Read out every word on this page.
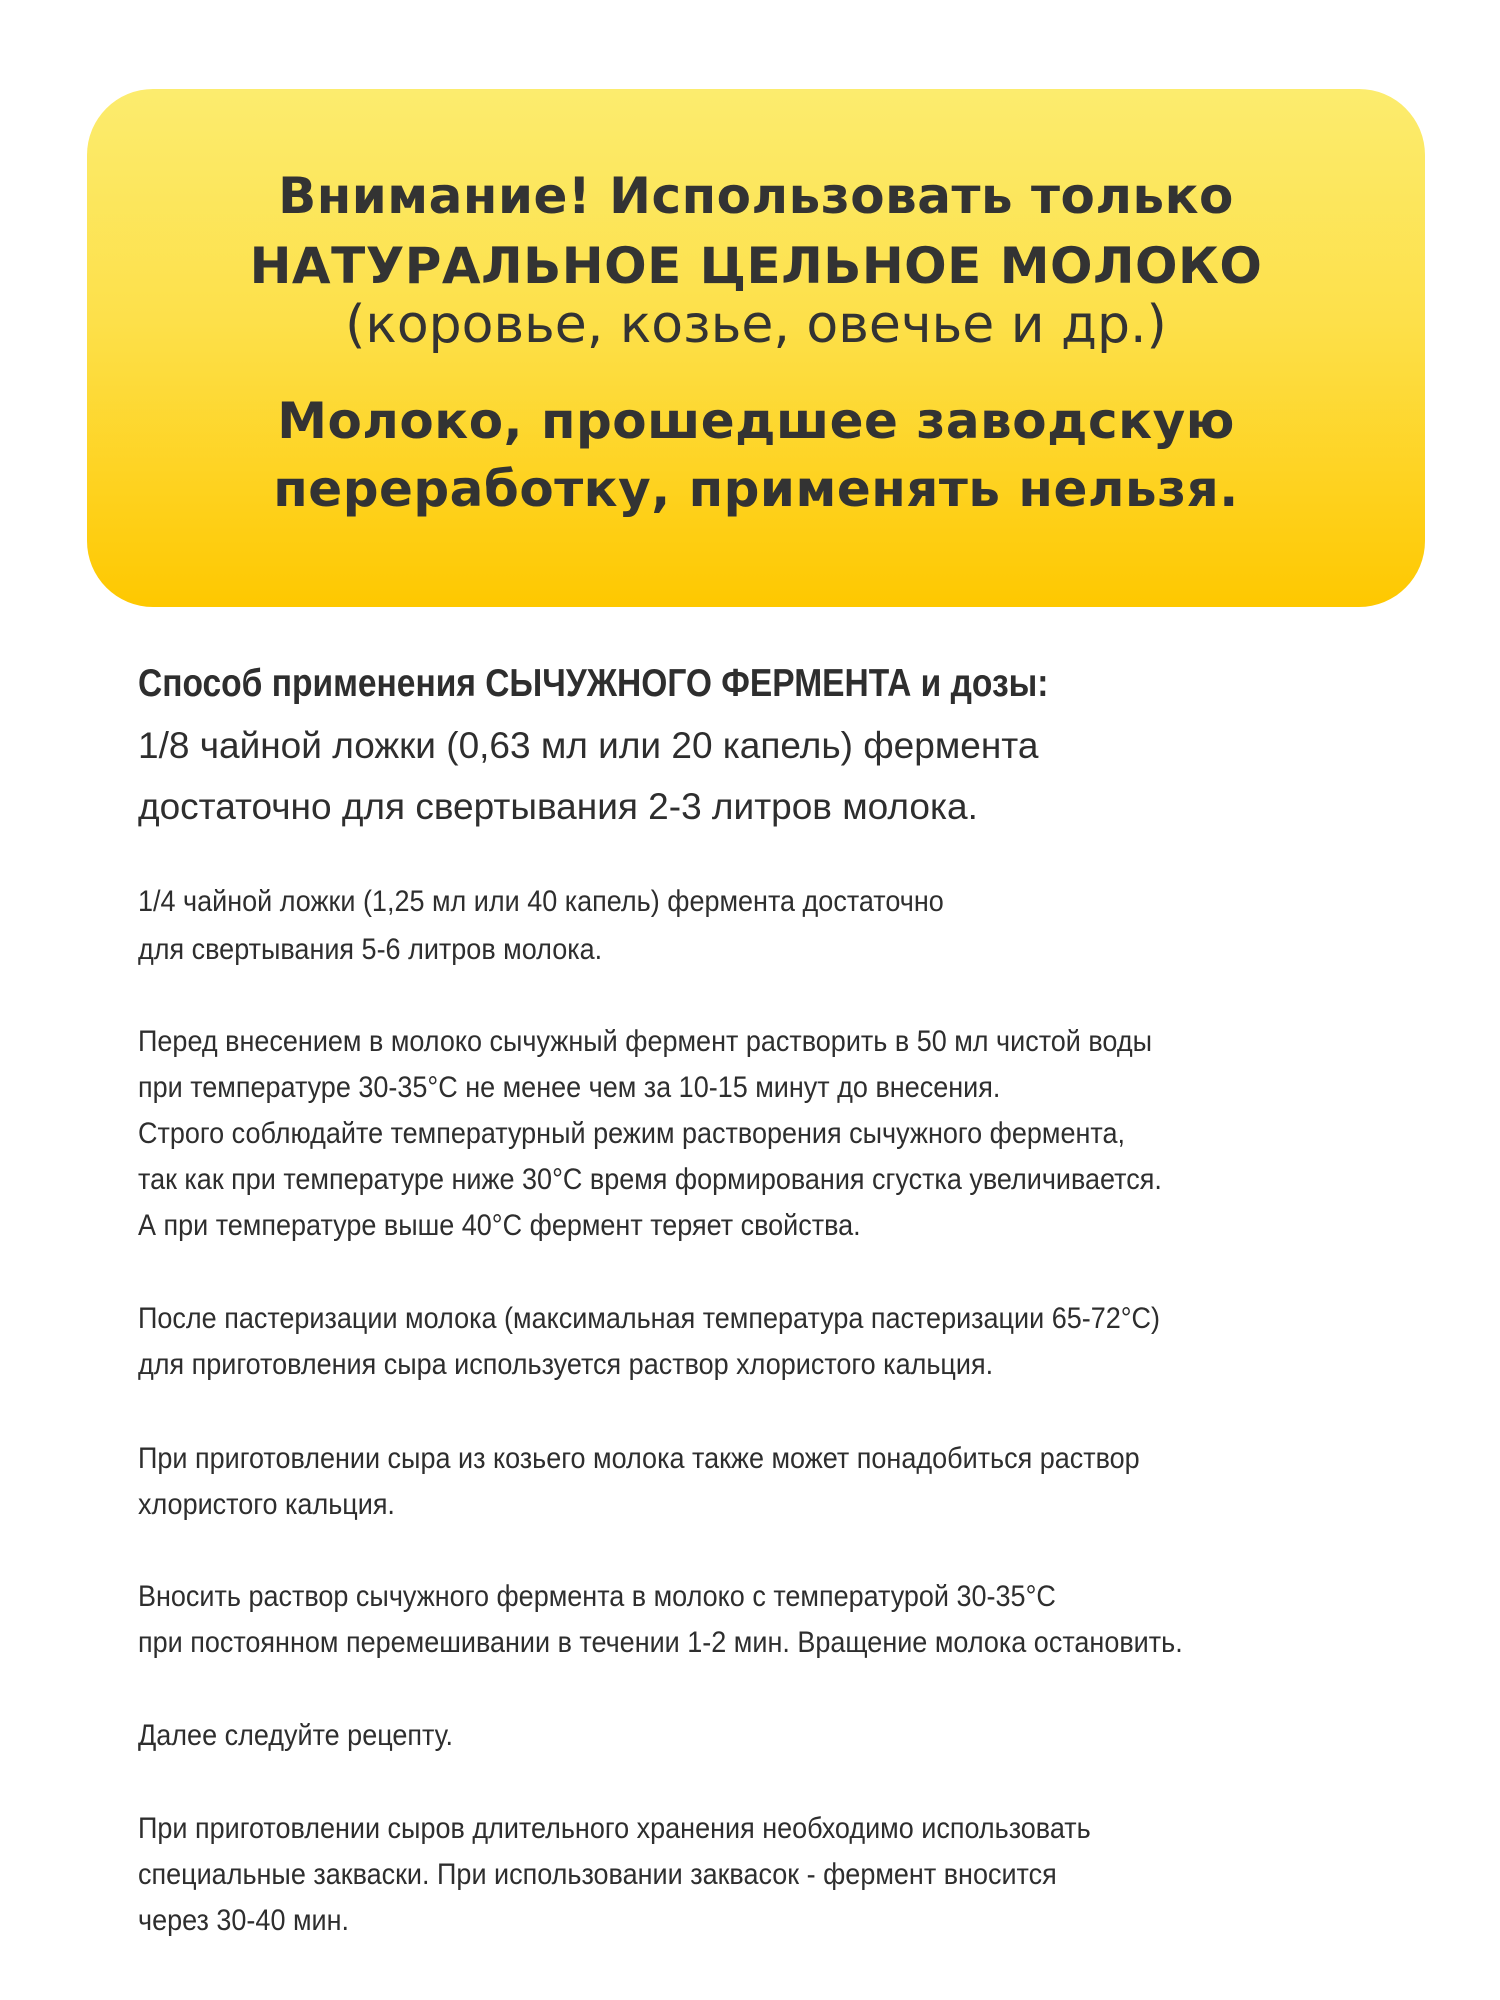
Внимание! Использовать только
НАТУРАЛЬНОЕ ЦЕЛЬНОЕ МОЛОКО
(коровье, козье, овечье и др.)
Молоко, прошедшее заводскую
переработку, применять нельзя.
Способ применения СЫЧУЖНОГО ФЕРМЕНТА и дозы:
1/8 чайной ложки (0,63 мл или 20 капель) фермента
достаточно для свертывания 2-3 литров молока.
1/4 чайной ложки (1,25 мл или 40 капель) фермента достаточно
для свертывания 5-6 литров молока.
Перед внесением в молоко сычужный фермент растворить в 50 мл чистой воды
при температуре 30-35°С не менее чем за 10-15 минут до внесения.
Строго соблюдайте температурный режим растворения сычужного фермента,
так как при температуре ниже 30°С время формирования сгустка увеличивается.
А при температуре выше 40°С фермент теряет свойства.
После пастеризации молока (максимальная температура пастеризации 65-72°С)
для приготовления сыра используется раствор хлористого кальция.
При приготовлении сыра из козьего молока также может понадобиться раствор
хлористого кальция.
Вносить раствор сычужного фермента в молоко с температурой 30-35°С
при постоянном перемешивании в течении 1-2 мин. Вращение молока остановить.
Далее следуйте рецепту.
При приготовлении сыров длительного хранения необходимо использовать
специальные закваски. При использовании заквасок - фермент вносится
через 30-40 мин.
